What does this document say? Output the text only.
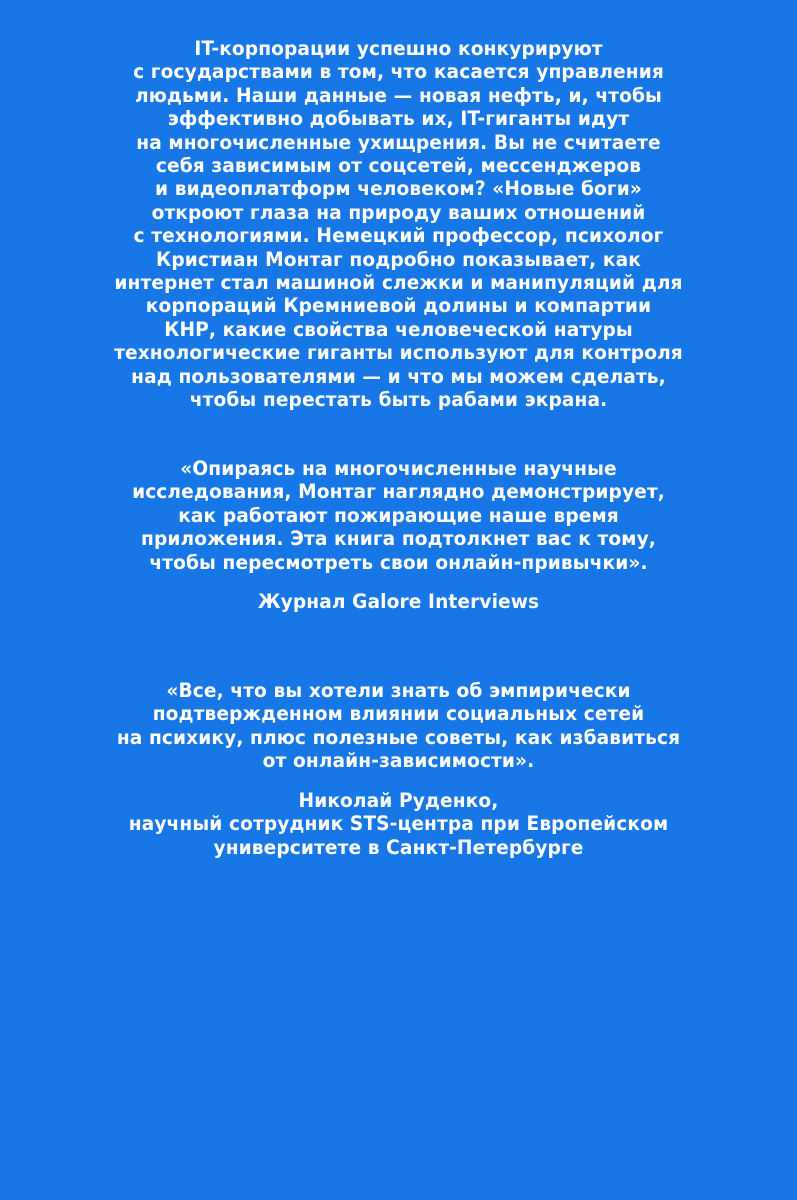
IT-корпорации успешно конкурируют
с государствами в том, что касается управления
людьми. Наши данные — новая нефть, и, чтобы
эффективно добывать их, IT-гиганты идут
на многочисленные ухищрения. Вы не считаете
себя зависимым от соцсетей, мессенджеров
и видеоплатформ человеком? «Новые боги»
откроют глаза на природу ваших отношений
с технологиями. Немецкий профессор, психолог
Кристиан Монтаг подробно показывает, как
интернет стал машиной слежки и манипуляций для
корпораций Кремниевой долины и компартии
КНР, какие свойства человеческой натуры
технологические гиганты используют для контроля
над пользователями — и что мы можем сделать,
чтобы перестать быть рабами экрана.
«Опираясь на многочисленные научные
исследования, Монтаг наглядно демонстрирует,
как работают пожирающие наше время
приложения. Эта книга подтолкнет вас к тому,
чтобы пересмотреть свои онлайн-привычки».
Журнал Galore Interviews
«Все, что вы хотели знать об эмпирически
подтвержденном влиянии социальных сетей
на психику, плюс полезные советы, как избавиться
от онлайн-зависимости».
Николай Руденко,
научный сотрудник STS-центра при Европейском
университете в Санкт-Петербурге
